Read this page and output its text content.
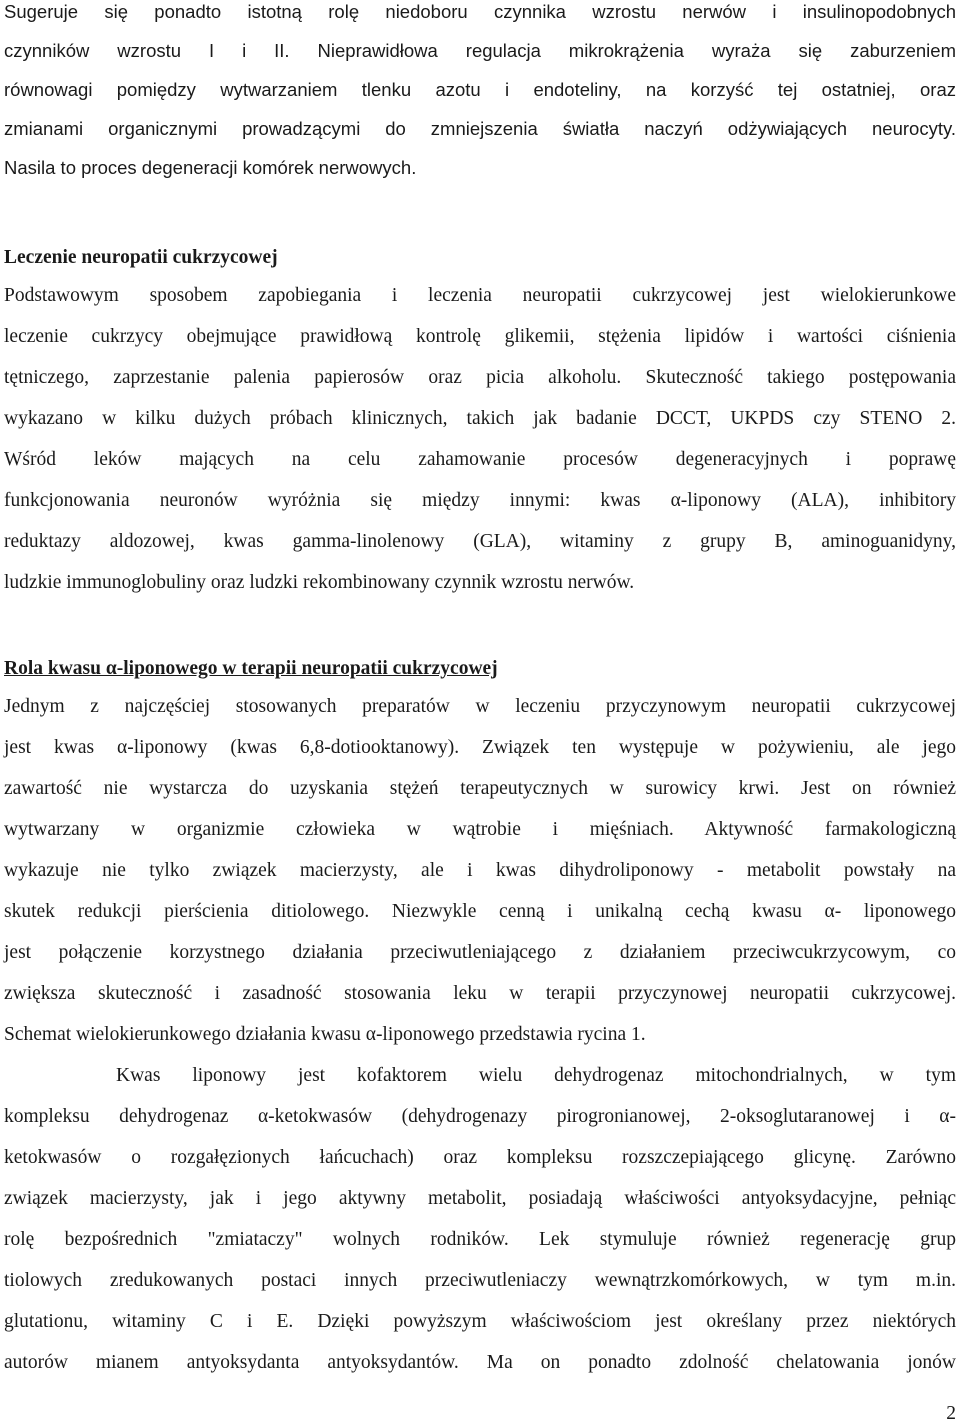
Sugeruje się ponadto istotną rolę niedoboru czynnika wzrostu nerwów i insulinopodobnych
czynników wzrostu I i II. Nieprawidłowa regulacja mikrokrążenia wyraża się zaburzeniem
równowagi pomiędzy wytwarzaniem tlenku azotu i endoteliny, na korzyść tej ostatniej, oraz
zmianami organicznymi prowadzącymi do zmniejszenia światła naczyń odżywiających neurocyty.
Nasila to proces degeneracji komórek nerwowych.
Leczenie neuropatii cukrzycowej
Podstawowym sposobem zapobiegania i leczenia neuropatii cukrzycowej jest wielokierunkowe
leczenie cukrzycy obejmujące prawidłową kontrolę glikemii, stężenia lipidów i wartości ciśnienia
tętniczego, zaprzestanie palenia papierosów oraz picia alkoholu. Skuteczność takiego postępowania
wykazano w kilku dużych próbach klinicznych, takich jak badanie DCCT, UKPDS czy STENO 2.
Wśród leków mających na celu zahamowanie procesów degeneracyjnych i poprawę
funkcjonowania neuronów wyróżnia się między innymi: kwas α-liponowy (ALA), inhibitory
reduktazy aldozowej, kwas gamma-linolenowy (GLA), witaminy z grupy B, aminoguanidyny,
ludzkie immunoglobuliny oraz ludzki rekombinowany czynnik wzrostu nerwów.
Rola kwasu α-liponowego w terapii neuropatii cukrzycowej
Jednym z najczęściej stosowanych preparatów w leczeniu przyczynowym neuropatii cukrzycowej
jest kwas α-liponowy (kwas 6,8-dotiooktanowy). Związek ten występuje w pożywieniu, ale jego
zawartość nie wystarcza do uzyskania stężeń terapeutycznych w surowicy krwi. Jest on również
wytwarzany w organizmie człowieka w wątrobie i mięśniach. Aktywność farmakologiczną
wykazuje nie tylko związek macierzysty, ale i kwas dihydroliponowy - metabolit powstały na
skutek redukcji pierścienia ditiolowego. Niezwykle cenną i unikalną cechą kwasu α- liponowego
jest połączenie korzystnego działania przeciwutleniającego z działaniem przeciwcukrzycowym, co
zwiększa skuteczność i zasadność stosowania leku w terapii przyczynowej neuropatii cukrzycowej.
Schemat wielokierunkowego działania kwasu α-liponowego przedstawia rycina 1.
Kwas liponowy jest kofaktorem wielu dehydrogenaz mitochondrialnych, w tym
kompleksu dehydrogenaz α-ketokwasów (dehydrogenazy pirogronianowej, 2-oksoglutaranowej i α-
ketokwasów o rozgałęzionych łańcuchach) oraz kompleksu rozszczepiającego glicynę. Zarówno
związek macierzysty, jak i jego aktywny metabolit, posiadają właściwości antyoksydacyjne, pełniąc
rolę bezpośrednich "zmiataczy" wolnych rodników. Lek stymuluje również regenerację grup
tiolowych zredukowanych postaci innych przeciwutleniaczy wewnątrzkomórkowych, w tym m.in.
glutationu, witaminy C i E. Dzięki powyższym właściwościom jest określany przez niektórych
autorów mianem antyoksydanta antyoksydantów. Ma on ponadto zdolność chelatowania jonów
2
